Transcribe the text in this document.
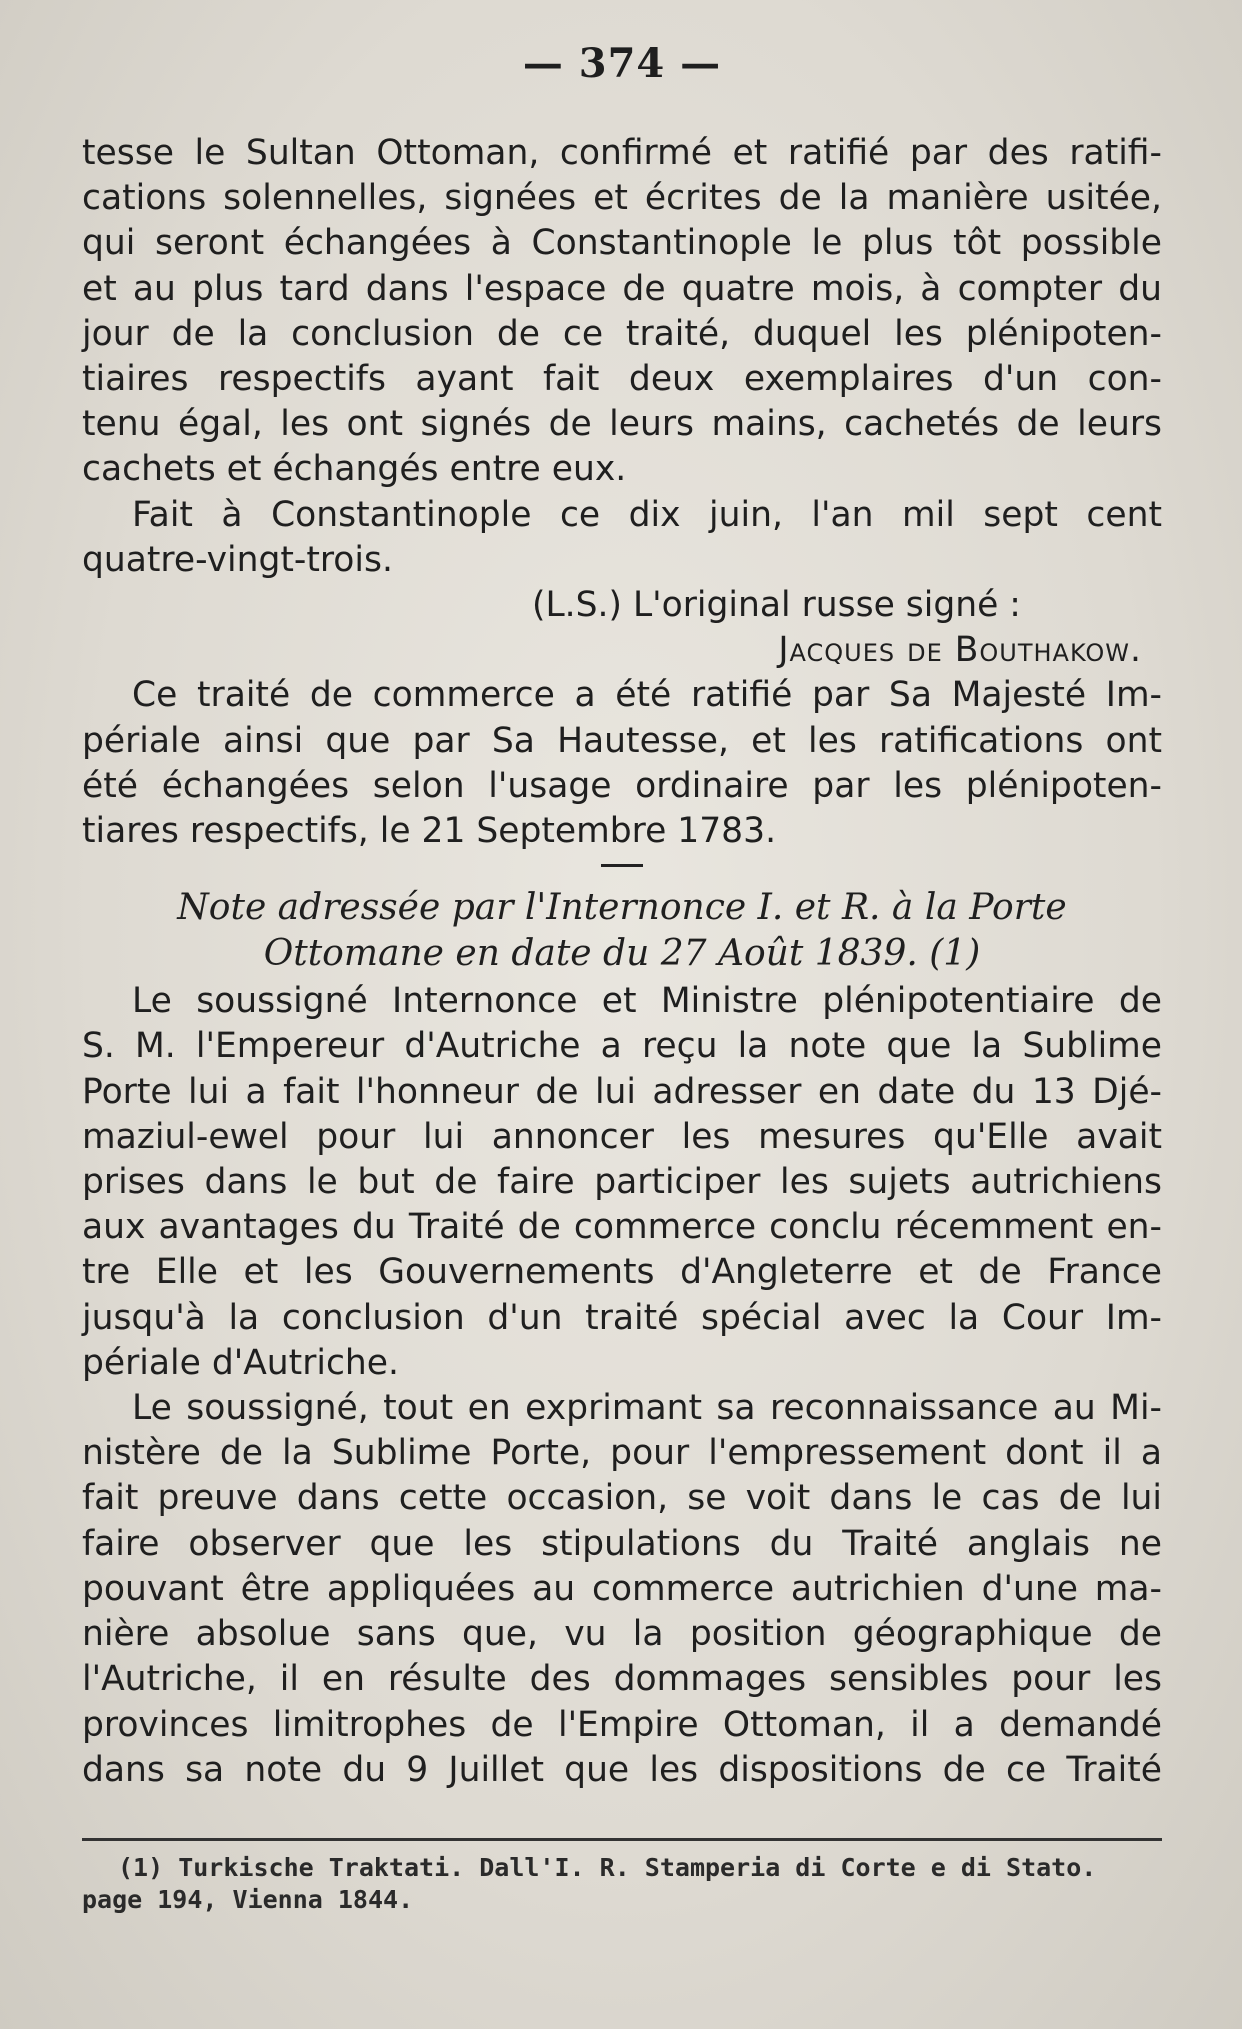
— 374 —
tesse le Sultan Ottoman, confirmé et ratifié par des ratifi-
cations solennelles, signées et écrites de la manière usitée,
qui seront échangées à Constantinople le plus tôt possible
et au plus tard dans l'espace de quatre mois, à compter du
jour de la conclusion de ce traité, duquel les plénipoten-
tiaires respectifs ayant fait deux exemplaires d'un con-
tenu égal, les ont signés de leurs mains, cachetés de leurs
cachets et échangés entre eux.
Fait à Constantinople ce dix juin, l'an mil sept cent
quatre-vingt-trois.
(L.S.) L'original russe signé :
Jacques de Bouthakow.
Ce traité de commerce a été ratifié par Sa Majesté Im-
périale ainsi que par Sa Hautesse, et les ratifications ont
été échangées selon l'usage ordinaire par les plénipoten-
tiares respectifs, le 21 Septembre 1783.
Note adressée par l'Internonce I. et R. à la Porte
Ottomane en date du 27 Août 1839. (1)
Le soussigné Internonce et Ministre plénipotentiaire de
S. M. l'Empereur d'Autriche a reçu la note que la Sublime
Porte lui a fait l'honneur de lui adresser en date du 13 Djé-
maziul-ewel pour lui annoncer les mesures qu'Elle avait
prises dans le but de faire participer les sujets autrichiens
aux avantages du Traité de commerce conclu récemment en-
tre Elle et les Gouvernements d'Angleterre et de France
jusqu'à la conclusion d'un traité spécial avec la Cour Im-
périale d'Autriche.
Le soussigné, tout en exprimant sa reconnaissance au Mi-
nistère de la Sublime Porte, pour l'empressement dont il a
fait preuve dans cette occasion, se voit dans le cas de lui
faire observer que les stipulations du Traité anglais ne
pouvant être appliquées au commerce autrichien d'une ma-
nière absolue sans que, vu la position géographique de
l'Autriche, il en résulte des dommages sensibles pour les
provinces limitrophes de l'Empire Ottoman, il a demandé
dans sa note du 9 Juillet que les dispositions de ce Traité
(1) Turkische Traktati. Dall'I. R. Stamperia di Corte e di Stato.
page 194, Vienna 1844.
